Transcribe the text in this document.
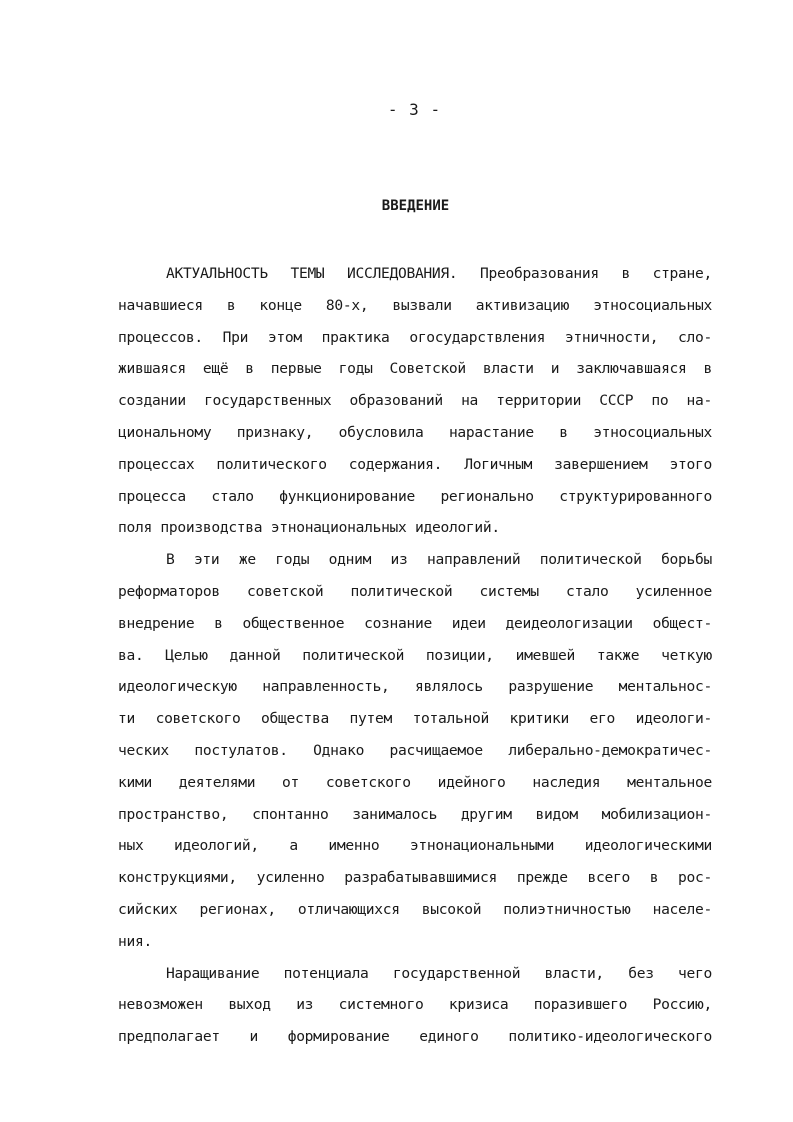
- 3 -
ВВЕДЕНИЕ
АКТУАЛЬНОСТЬ ТЕМЫ ИССЛЕДОВАНИЯ. Преобразования в стране,
начавшиеся в конце 80-х, вызвали активизацию этносоциальных
процессов. При этом практика огосударствления этничности, сло-
жившаяся ещё в первые годы Советской власти и заключавшаяся в
создании государственных образований на территории СССР по на-
циональному признаку, обусловила нарастание в этносоциальных
процессах политического содержания. Логичным завершением этого
процесса стало функционирование регионально структурированного
поля производства этнонациональных идеологий.
В эти же годы одним из направлений политической борьбы
реформаторов советской политической системы стало усиленное
внедрение в общественное сознание идеи деидеологизации общест-
ва. Целью данной политической позиции, имевшей также четкую
идеологическую направленность, являлось разрушение ментальнос-
ти советского общества путем тотальной критики его идеологи-
ческих постулатов. Однако расчищаемое либерально-демократичес-
кими деятелями от советского идейного наследия ментальное
пространство, спонтанно занималось другим видом мобилизацион-
ных идеологий, а именно этнонациональными идеологическими
конструкциями, усиленно разрабатывавшимися прежде всего в рос-
сийских регионах, отличающихся высокой полиэтничностью населе-
ния.
Наращивание потенциала государственной власти, без чего
невозможен выход из системного кризиса поразившего Россию,
предполагает и формирование единого политико-идеологического
